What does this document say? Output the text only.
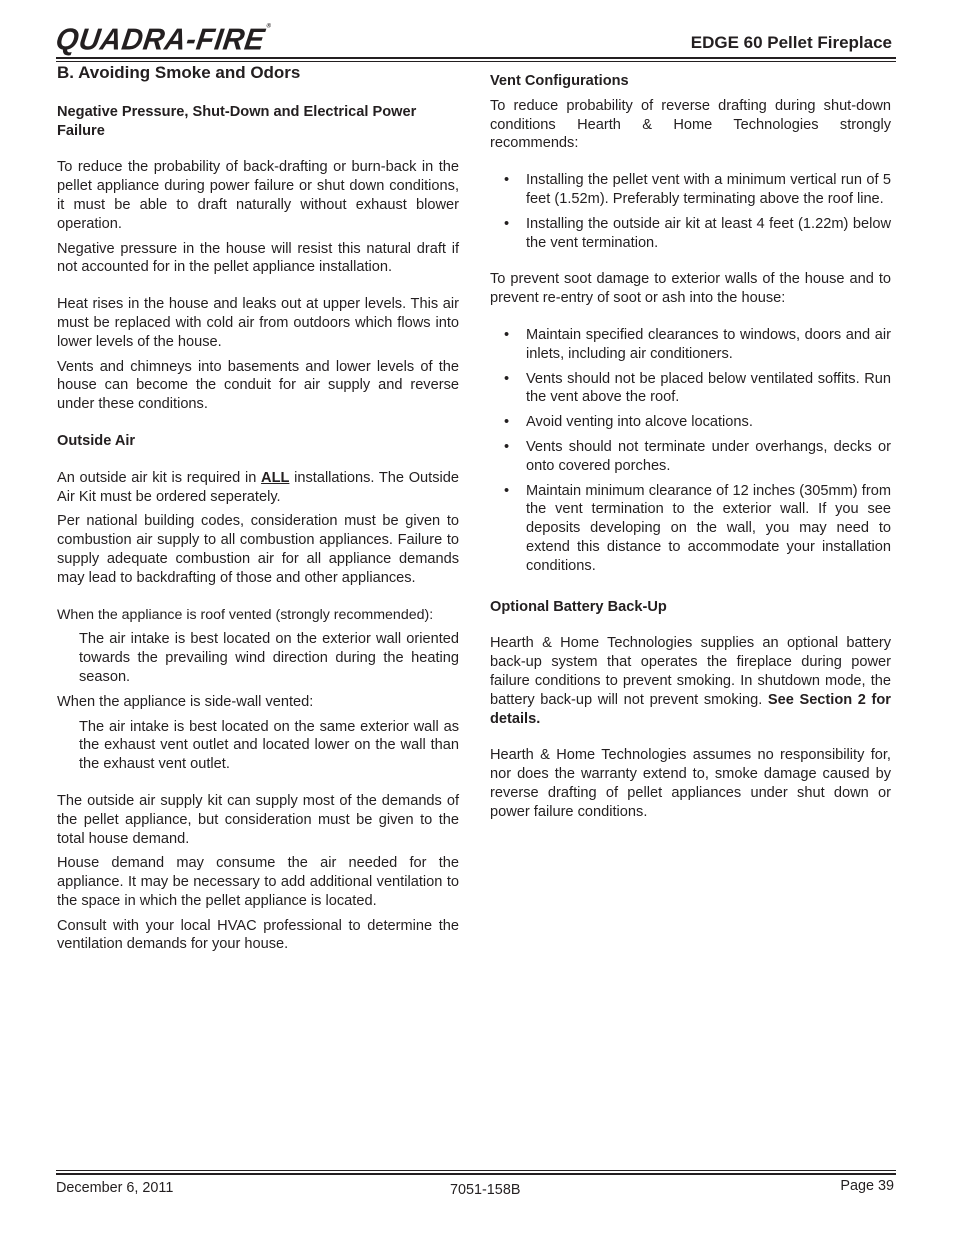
QUADRA-FIRE®
EDGE 60 Pellet Fireplace
B. Avoiding Smoke and Odors
Negative Pressure, Shut-Down and Electrical Power Failure

To reduce the probability of back-drafting or burn-back in the pellet appliance during power failure or shut down conditions, it must be able to draft naturally without exhaust blower operation.

Negative pressure in the house will resist this natural draft if not accounted for in the pellet appliance installation.

Heat rises in the house and leaks out at upper levels. This air must be replaced with cold air from outdoors which flows into lower levels of the house.

Vents and chimneys into basements and lower levels of the house can become the conduit for air supply and reverse under these conditions.

Outside Air

An outside air kit is required in ALL installations. The Outside Air Kit must be ordered seperately.

Per national building codes, consideration must be given to combustion air supply to all combustion appliances. Failure to supply adequate combustion air for all appliance demands may lead to backdrafting of those and other appliances.

When the appliance is roof vented (strongly recommended):

The air intake is best located on the exterior wall oriented towards the prevailing wind direction during the heating season.

When the appliance is side-wall vented:

The air intake is best located on the same exterior wall as the exhaust vent outlet and located lower on the wall than the exhaust vent outlet.

The outside air supply kit can supply most of the demands of the pellet appliance, but consideration must be given to the total house demand.

House demand may consume the air needed for the appliance. It may be necessary to add additional ventilation to the space in which the pellet appliance is located.

Consult with your local HVAC professional to determine the ventilation demands for your house.

Vent Configurations

To reduce probability of reverse drafting during shut-down conditions Hearth & Home Technologies strongly recommends:

• Installing the pellet vent with a minimum vertical run of 5 feet (1.52m). Preferably terminating above the roof line.
• Installing the outside air kit at least 4 feet (1.22m) below the vent termination.

To prevent soot damage to exterior walls of the house and to prevent re-entry of soot or ash into the house:

• Maintain specified clearances to windows, doors and air inlets, including air conditioners.
• Vents should not be placed below ventilated soffits. Run the vent above the roof.
• Avoid venting into alcove locations.
• Vents should not terminate under overhangs, decks or onto covered porches.
• Maintain minimum clearance of 12 inches (305mm) from the vent termination to the exterior wall. If you see deposits developing on the wall, you may need to extend this distance to accommodate your installation conditions.
Optional Battery Back-Up

Hearth & Home Technologies supplies an optional battery back-up system that operates the fireplace during power failure conditions to prevent smoking. In shutdown mode, the battery back-up will not prevent smoking. See Section 2 for details.

Hearth & Home Technologies assumes no responsibility for, nor does the warranty extend to, smoke damage caused by reverse drafting of pellet appliances under shut down or power failure conditions.

December 6, 2011	7051-158B	Page 39
